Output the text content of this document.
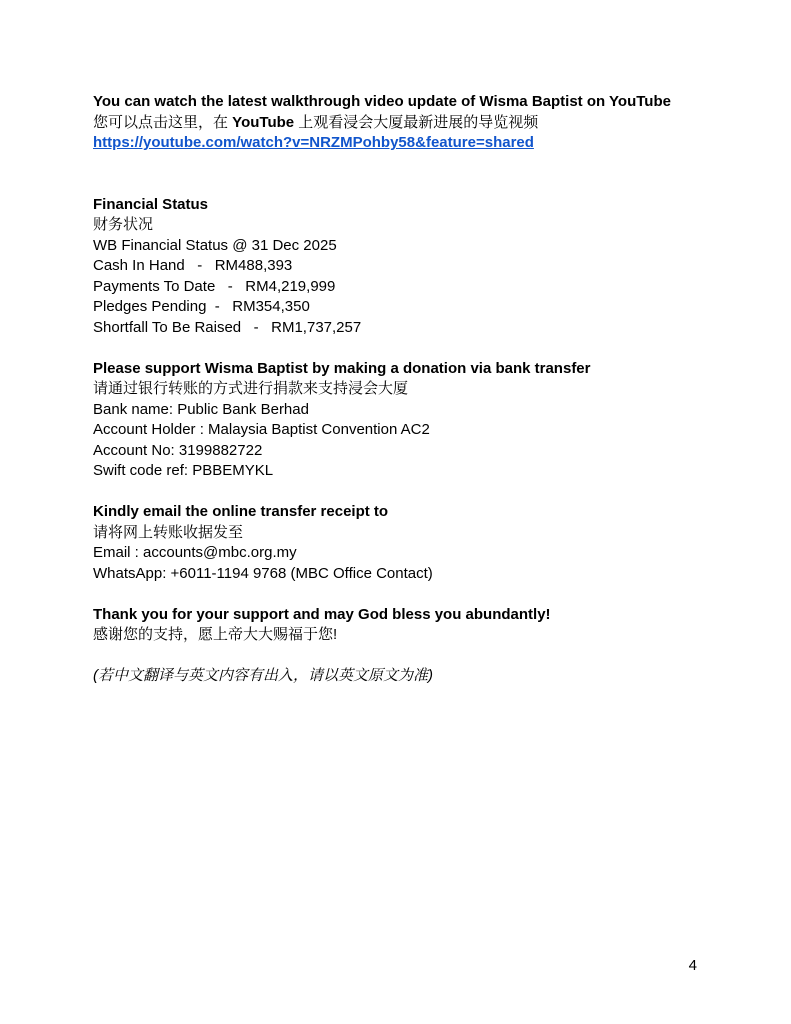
You can watch the latest walkthrough video update of Wisma Baptist on YouTube
您可以点击这里，在 YouTube 上观看浸会大厦最新进展的导览视频
https://youtube.com/watch?v=NRZMPohby58&feature=shared
Financial Status
财务状况
WB Financial Status @ 31 Dec 2025
Cash In Hand   -   RM488,393
Payments To Date   -   RM4,219,999
Pledges Pending  -   RM354,350
Shortfall To Be Raised   -   RM1,737,257
Please support Wisma Baptist by making a donation via bank transfer
请通过银行转账的方式进行捐款来支持浸会大厦
Bank name: Public Bank Berhad
Account Holder : Malaysia Baptist Convention AC2
Account No: 3199882722
Swift code ref: PBBEMYKL
Kindly email the online transfer receipt to
请将网上转账收据发至
Email : accounts@mbc.org.my
WhatsApp: +6011-1194 9768 (MBC Office Contact)
Thank you for your support and may God bless you abundantly!
感谢您的支持，愿上帝大大赐福于您!
(若中文翻译与英文内容有出入，请以英文原文为准)
4
